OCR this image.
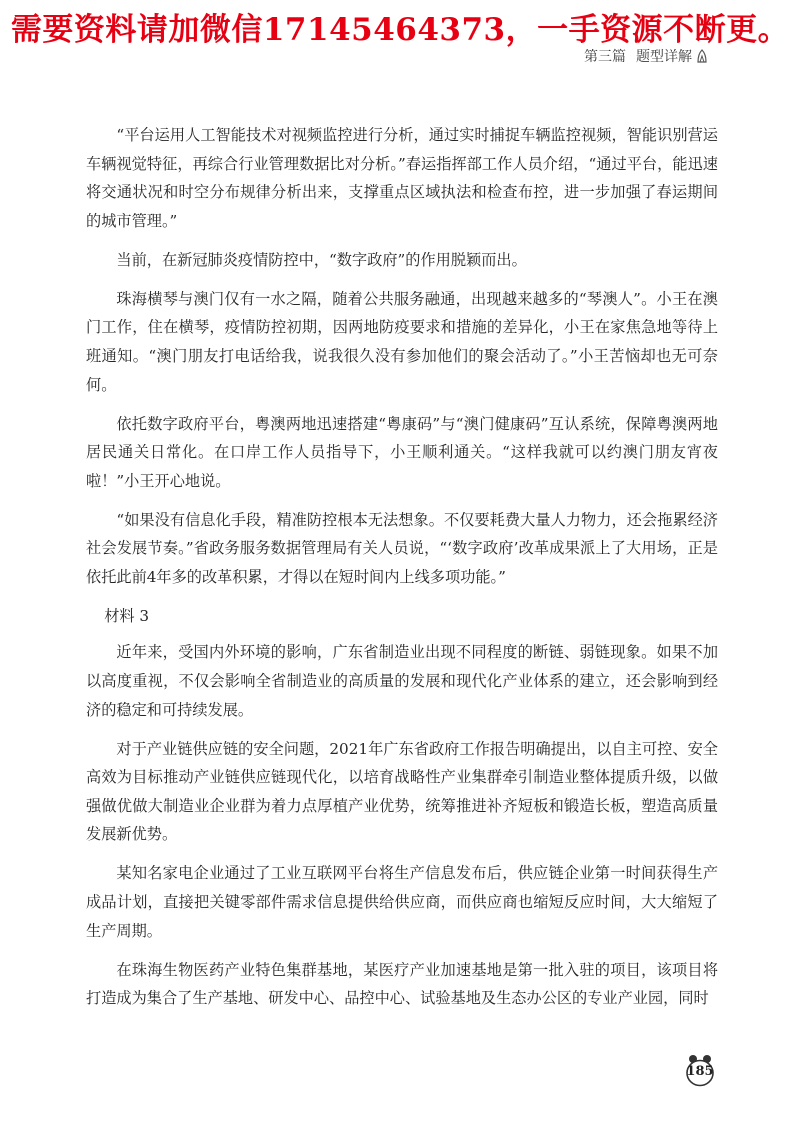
需要资料请加微信17145464373，一手资源不断更。
第三篇 题型详解

“平台运用人工智能技术对视频监控进行分析，通过实时捕捉车辆监控视频，智能识别营运车辆视觉特征，再综合行业管理数据比对分析。”春运指挥部工作人员介绍，“通过平台，能迅速将交通状况和时空分布规律分析出来，支撑重点区域执法和检查布控，进一步加强了春运期间的城市管理。”

当前，在新冠肺炎疫情防控中，“数字政府”的作用脱颖而出。

珠海横琴与澳门仅有一水之隔，随着公共服务融通，出现越来越多的“琴澳人”。小王在澳门工作，住在横琴，疫情防控初期，因两地防疫要求和措施的差异化，小王在家焦急地等待上班通知。“澳门朋友打电话给我，说我很久没有参加他们的聚会活动了。”小王苦恼却也无可奈何。

依托数字政府平台，粤澳两地迅速搭建“粤康码”与“澳门健康码”互认系统，保障粤澳两地居民通关日常化。在口岸工作人员指导下，小王顺利通关。“这样我就可以约澳门朋友宵夜啦！”小王开心地说。

“如果没有信息化手段，精准防控根本无法想象。不仅要耗费大量人力物力，还会拖累经济社会发展节奏。”省政务服务数据管理局有关人员说，“‘数字政府’改革成果派上了大用场，正是依托此前4年多的改革积累，才得以在短时间内上线多项功能。”

材料 3

近年来，受国内外环境的影响，广东省制造业出现不同程度的断链、弱链现象。如果不加以高度重视，不仅会影响全省制造业的高质量的发展和现代化产业体系的建立，还会影响到经济的稳定和可持续发展。

对于产业链供应链的安全问题，2021年广东省政府工作报告明确提出，以自主可控、安全高效为目标推动产业链供应链现代化，以培育战略性产业集群牵引制造业整体提质升级，以做强做优做大制造业企业群为着力点厚植产业优势，统筹推进补齐短板和锻造长板，塑造高质量发展新优势。

某知名家电企业通过了工业互联网平台将生产信息发布后，供应链企业第一时间获得生产成品计划，直接把关键零部件需求信息提供给供应商，而供应商也缩短反应时间，大大缩短了生产周期。

在珠海生物医药产业特色集群基地，某医疗产业加速基地是第一批入驻的项目，该项目将打造成为集合了生产基地、研发中心、品控中心、试验基地及生态办公区的专业产业园，同时

185
